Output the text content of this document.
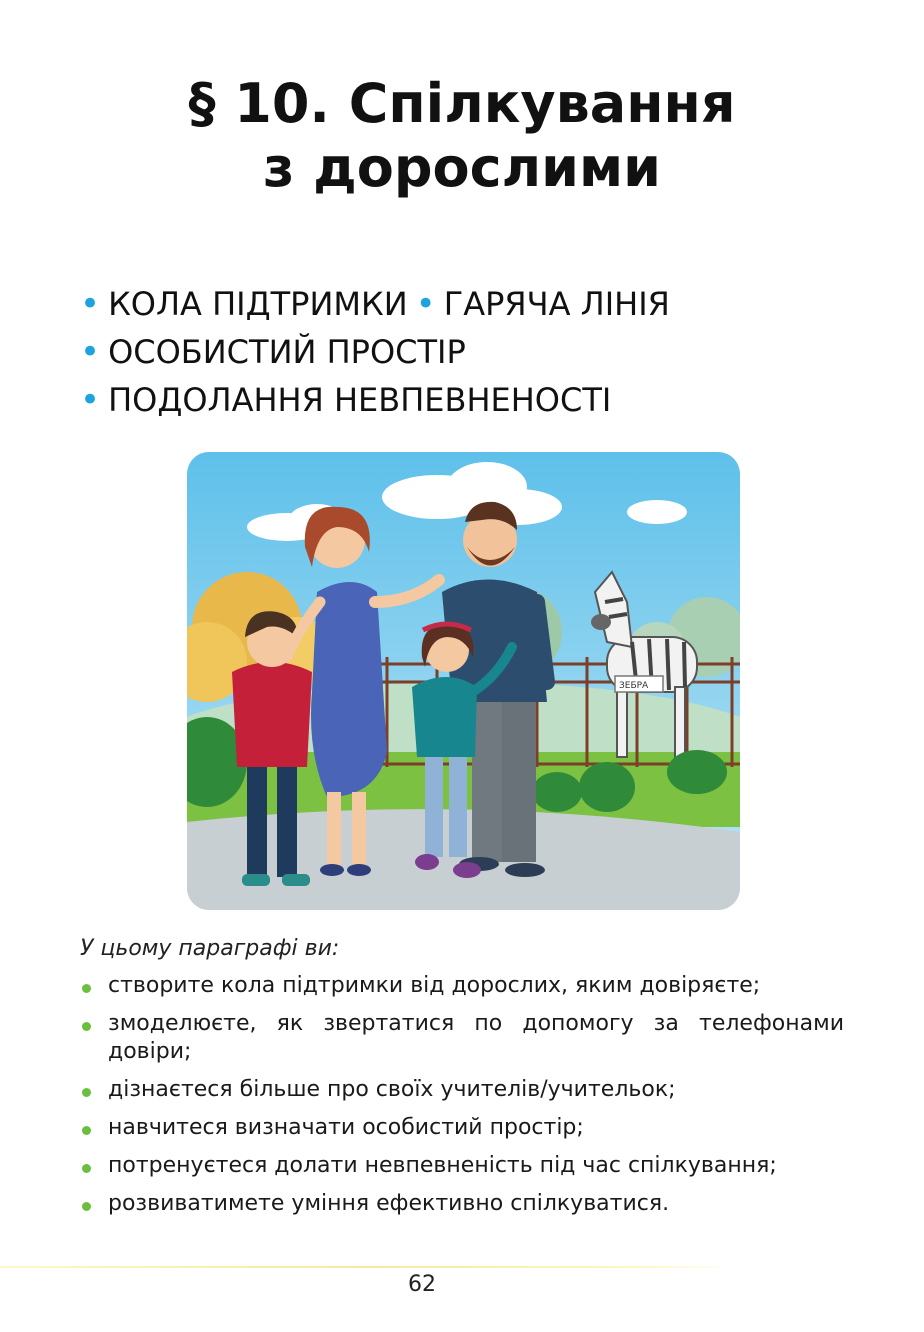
§ 10. Спілкування
з дорослими
• КОЛА ПІДТРИМКИ • ГАРЯЧА ЛІНІЯ
• ОСОБИСТИЙ ПРОСТІР
• ПОДОЛАННЯ НЕВПЕВНЕНОСТІ
ЗЕБРА
У цьому параграфі ви:
створите кола підтримки від дорослих, яким довіряєте;
змоделюєте, як звертатися по допомогу за телефонами довіри;
дізнаєтеся більше про своїх учителів/учительок;
навчитеся визначати особистий простір;
потренуєтеся долати невпевненість під час спілкування;
розвиватимете уміння ефективно спілкуватися.
62
